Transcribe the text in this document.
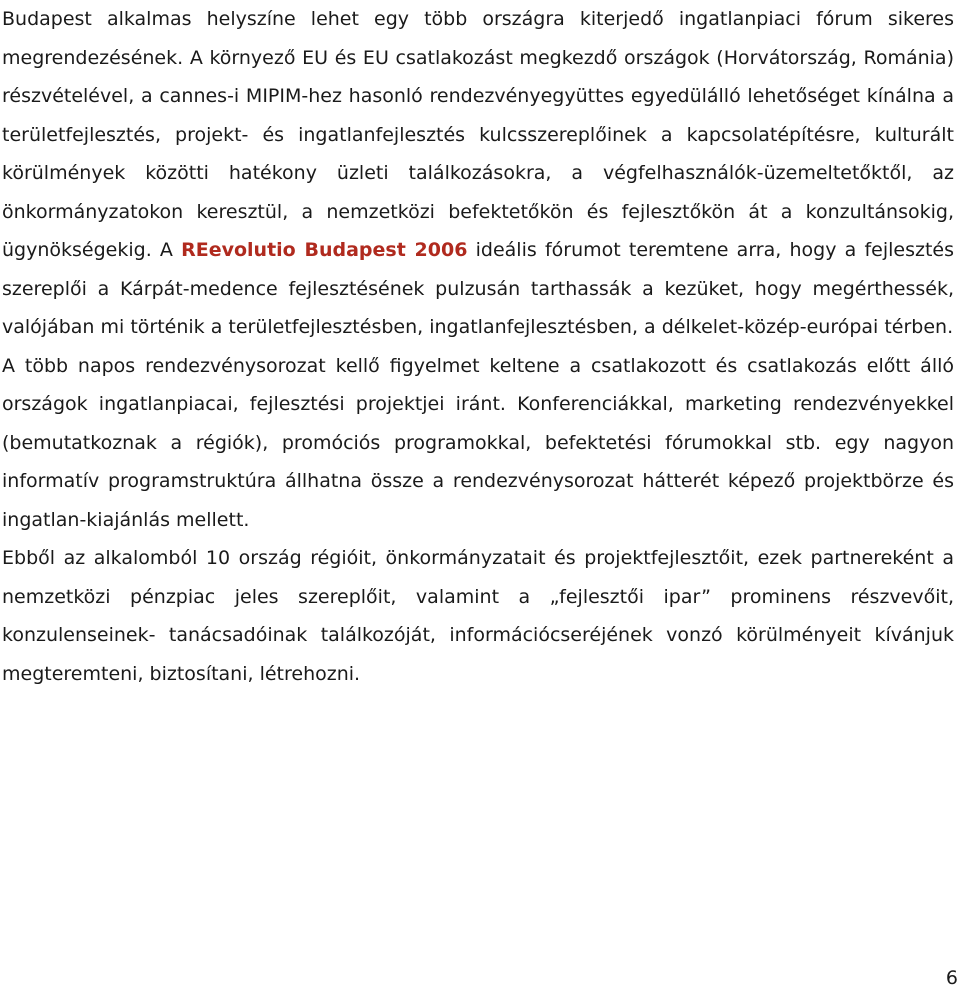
Budapest alkalmas helyszíne lehet egy több országra kiterjedő ingatlanpiaci fórum sikeres megrendezésének. A környező EU és EU csatlakozást megkezdő országok (Horvátország, Románia) részvételével, a cannes-i MIPIM-hez hasonló rendezvényegyüttes egyedülálló lehetőséget kínálna a területfejlesztés, projekt- és ingatlanfejlesztés kulcsszereplőinek a kapcsolatépítésre, kulturált körülmények közötti hatékony üzleti találkozásokra, a végfelhasználók-üzemeltetőktől, az önkormányzatokon keresztül, a nemzetközi befektetőkön és fejlesztőkön át a konzultánsokig, ügynökségekig. A REevolutio Budapest 2006 ideális fórumot teremtene arra, hogy a fejlesztés szereplői a Kárpát-medence fejlesztésének pulzusán tarthassák a kezüket, hogy megérthessék, valójában mi történik a területfejlesztésben, ingatlanfejlesztésben, a délkelet-közép-európai térben.

A több napos rendezvénysorozat kellő figyelmet keltene a csatlakozott és csatlakozás előtt álló országok ingatlanpiacai, fejlesztési projektjei iránt. Konferenciákkal, marketing rendezvényekkel (bemutatkoznak a régiók), promóciós programokkal, befektetési fórumokkal stb. egy nagyon informatív programstruktúra állhatna össze a rendezvénysorozat hátterét képező projektbörze és ingatlan-kiajánlás mellett.

Ebből az alkalomból 10 ország régióit, önkormányzatait és projektfejlesztőit, ezek partnereként a nemzetközi pénzpiac jeles szereplőit, valamint a „fejlesztői ipar” prominens részvevőit, konzulenseinek- tanácsadóinak találkozóját, információcseréjének vonzó körülményeit kívánjuk megteremteni, biztosítani, létrehozni.

6
